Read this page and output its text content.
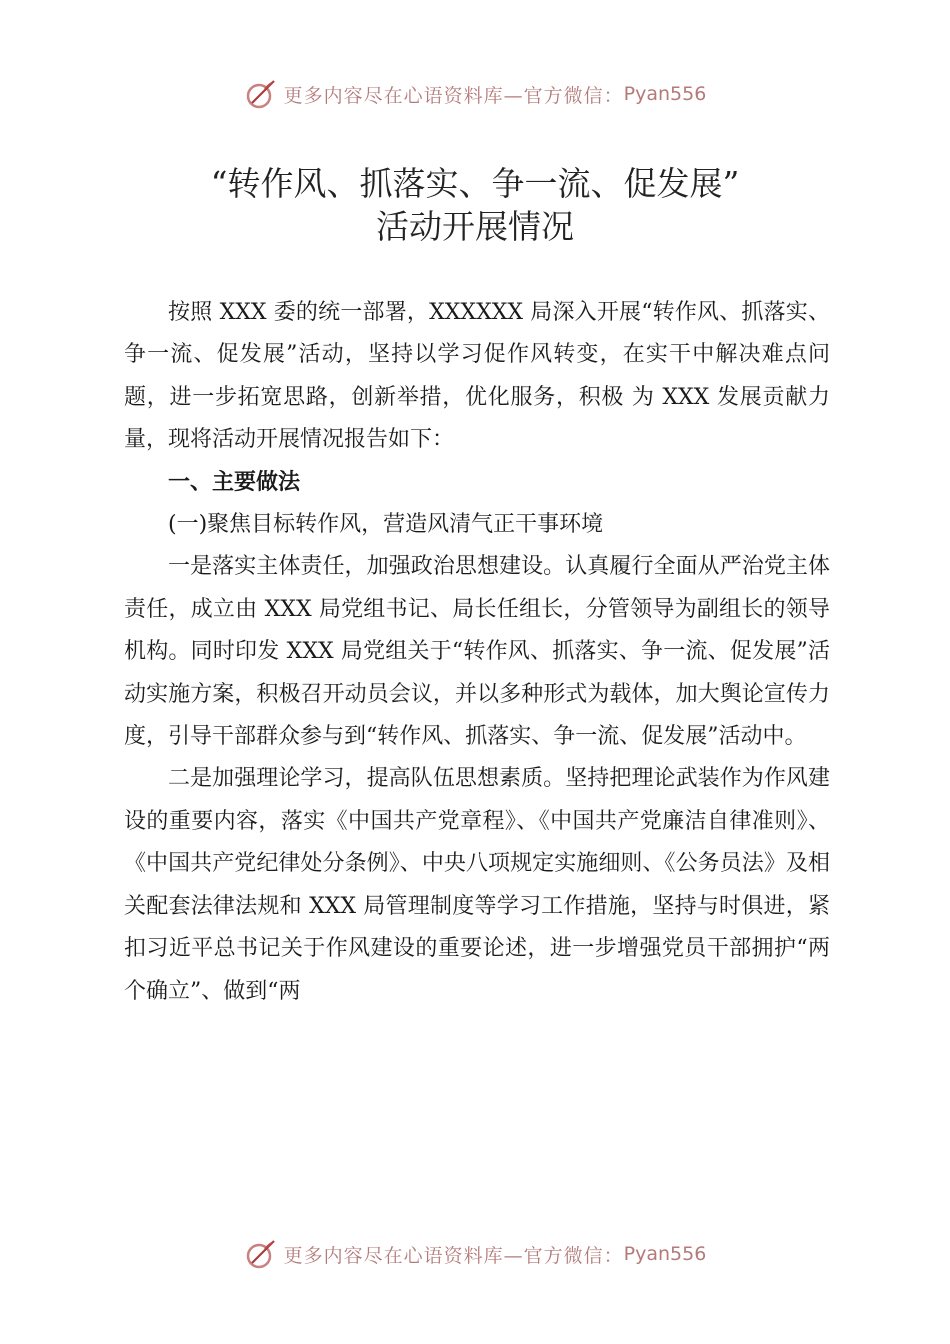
更多内容尽在心语资料库—官方微信： Pyan556
“转作风、抓落实、争一流、促发展”
活动开展情况

按照 XXX 委的统一部署，XXXXXX 局深入开展“转作风、抓落实、争一流、促发展”活动，坚持以学习促作风转变，在实干中解决难点问题，进一步拓宽思路，创新举措，优化服务，积极 为 XXX 发展贡献力量，现将活动开展情况报告如下：

一、主要做法

(一)聚焦目标转作风，营造风清气正干事环境

一是落实主体责任，加强政治思想建设。认真履行全面从严治党主体责任，成立由 XXX 局党组书记、局长任组长，分管领导为副组长的领导机构。同时印发 XXX 局党组关于“转作风、抓落实、争一流、促发展”活动实施方案，积极召开动员会议，并以多种形式为载体，加大舆论宣传力度，引导干部群众参与到“转作风、抓落实、争一流、促发展”活动中。

二是加强理论学习，提高队伍思想素质。坚持把理论武装作为作风建设的重要内容，落实《中国共产党章程》、《中国共产党廉洁自律准则》、《中国共产党纪律处分条例》、中央八项规定实施细则、《公务员法》及相关配套法律法规和 XXX 局管理制度等学习工作措施，坚持与时俱进，紧扣习近平总书记关于作风建设的重要论述，进一步增强党员干部拥护“两个确立”、做到“两

更多内容尽在心语资料库—官方微信： Pyan556
